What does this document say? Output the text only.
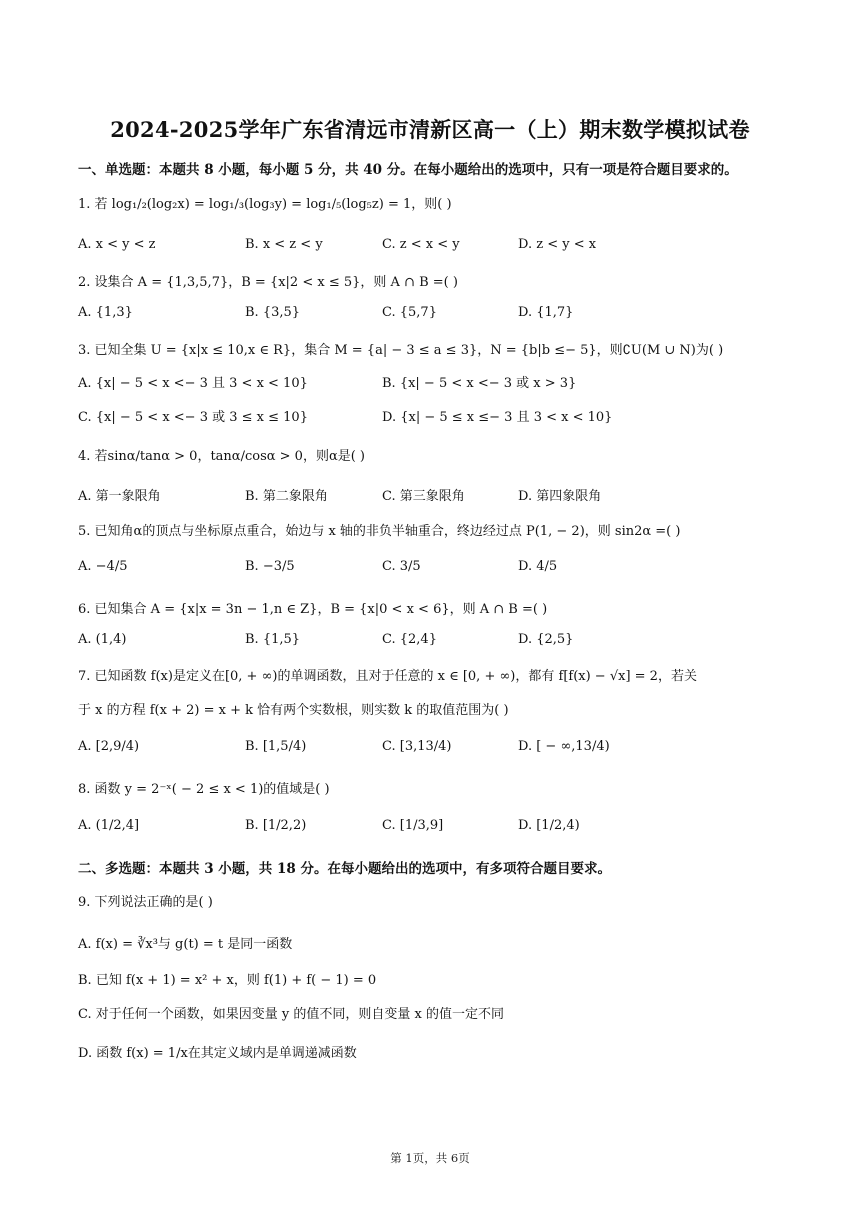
2024-2025学年广东省清远市清新区高一（上）期末数学模拟试卷
一、单选题：本题共 8 小题，每小题 5 分，共 40 分。在每小题给出的选项中，只有一项是符合题目要求的。
1. 若 log₁/₂(log₂x) = log₁/₃(log₃y) = log₁/₅(log₅z) = 1，则( )
A. x < y < z	B. x < z < y	C. z < x < y	D. z < y < x
2. 设集合 A = {1,3,5,7}，B = {x|2 < x ≤ 5}，则 A ∩ B =( )
A. {1,3}	B. {3,5}	C. {5,7}	D. {1,7}
3. 已知全集 U = {x|x ≤ 10,x ∈ R}，集合 M = {a| − 3 ≤ a ≤ 3}，N = {b|b ≤− 5}，则∁U(M ∪ N)为( )
A. {x| − 5 < x <− 3 且 3 < x < 10}	B. {x| − 5 < x <− 3 或 x > 3}
C. {x| − 5 < x <− 3 或 3 ≤ x ≤ 10}	D. {x| − 5 ≤ x ≤− 3 且 3 < x < 10}
4. 若sinα/tanα > 0，tanα/cosα > 0，则α是( )
A. 第一象限角	B. 第二象限角	C. 第三象限角	D. 第四象限角
5. 已知角α的顶点与坐标原点重合，始边与 x 轴的非负半轴重合，终边经过点 P(1, − 2)，则 sin2α =( )
A. −4/5	B. −3/5	C. 3/5	D. 4/5
6. 已知集合 A = {x|x = 3n − 1,n ∈ Z}，B = {x|0 < x < 6}，则 A ∩ B =( )
A. (1,4)	B. {1,5}	C. {2,4}	D. {2,5}
7. 已知函数 f(x)是定义在[0, + ∞)的单调函数，且对于任意的 x ∈ [0, + ∞)，都有 f[f(x) − √x] = 2，若关
于 x 的方程 f(x + 2) = x + k 恰有两个实数根，则实数 k 的取值范围为( )
A. [2,9/4)	B. [1,5/4)	C. [3,13/4)	D. [ − ∞,13/4)
8. 函数 y = 2⁻ˣ( − 2 ≤ x < 1)的值域是( )
A. (1/2,4]	B. [1/2,2)	C. [1/3,9]	D. [1/2,4)
二、多选题：本题共 3 小题，共 18 分。在每小题给出的选项中，有多项符合题目要求。
9. 下列说法正确的是( )
A. f(x) = ∛x³与 g(t) = t 是同一函数
B. 已知 f(x + 1) = x² + x，则 f(1) + f( − 1) = 0
C. 对于任何一个函数，如果因变量 y 的值不同，则自变量 x 的值一定不同
D. 函数 f(x) = 1/x在其定义域内是单调递减函数
第 1页，共 6页
